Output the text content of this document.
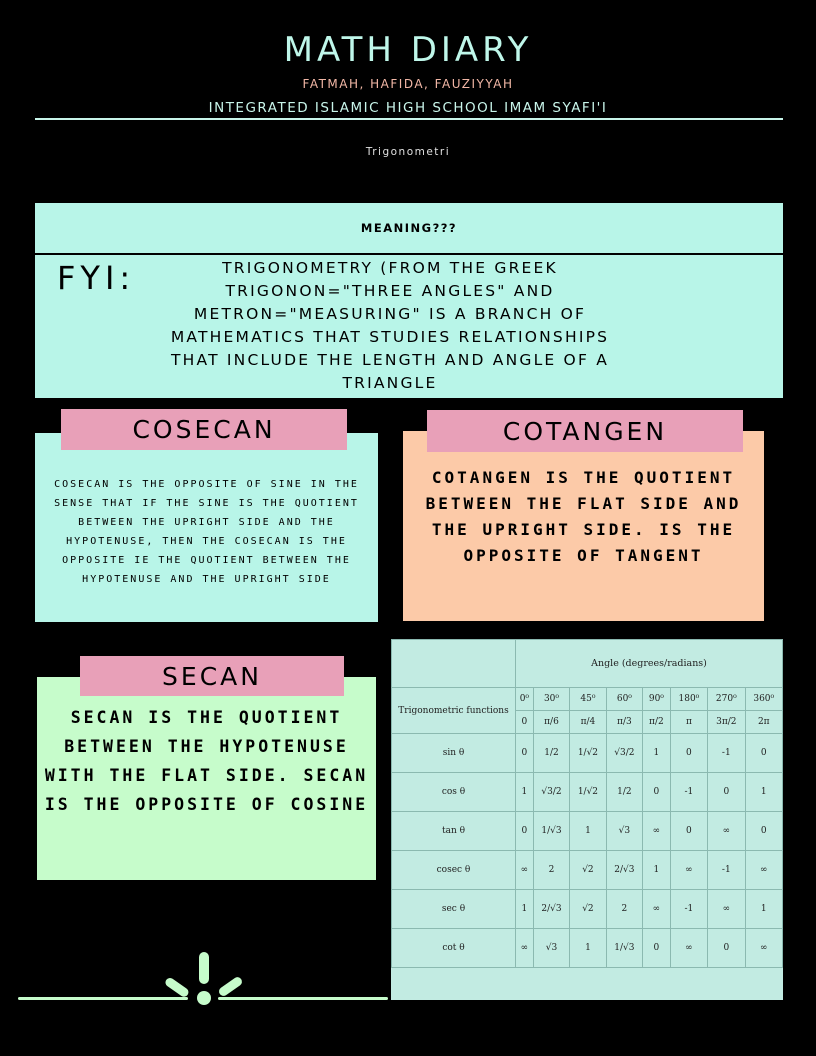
MATH DIARY
FATMAH, HAFIDA, FAUZIYYAH
INTEGRATED ISLAMIC HIGH SCHOOL IMAM SYAFI'I
Trigonometri
MEANING???
FYI:	TRIGONOMETRY (FROM THE GREEK TRIGONON="THREE ANGLES" AND METRON="MEASURING" IS A BRANCH OF MATHEMATICS THAT STUDIES RELATIONSHIPS THAT INCLUDE THE LENGTH AND ANGLE OF A TRIANGLE
COSECAN IS THE OPPOSITE OF SINE IN THE SENSE THAT IF THE SINE IS THE QUOTIENT BETWEEN THE UPRIGHT SIDE AND THE HYPOTENUSE, THEN THE COSECAN IS THE OPPOSITE IE THE QUOTIENT BETWEEN THE HYPOTENUSE AND THE UPRIGHT SIDE
COSECAN
COTANGEN IS THE QUOTIENT BETWEEN THE FLAT SIDE AND THE UPRIGHT SIDE. IS THE OPPOSITE OF TANGENT
COTANGEN
SECAN IS THE QUOTIENT BETWEEN THE HYPOTENUSE WITH THE FLAT SIDE. SECAN IS THE OPPOSITE OF COSINE
SECAN
		Angle (degrees/radians)							
Trigonometric functions	0⁰	30⁰	45⁰	60⁰	90⁰	180⁰	270⁰	360⁰
	0	π/6	π/4	π/3	π/2	π	3π/2	2π
sin θ	0	1/2	1/√2	√3/2	1	0	-1	0
cos θ	1	√3/2	1/√2	1/2	0	-1	0	1
tan θ	0	1/√3	1	√3	∞	0	∞	0
cosec θ	∞	2	√2	2/√3	1	∞	-1	∞
sec θ	1	2/√3	√2	2	∞	-1	∞	1
cot θ	∞	√3	1	1/√3	0	∞	0	∞
